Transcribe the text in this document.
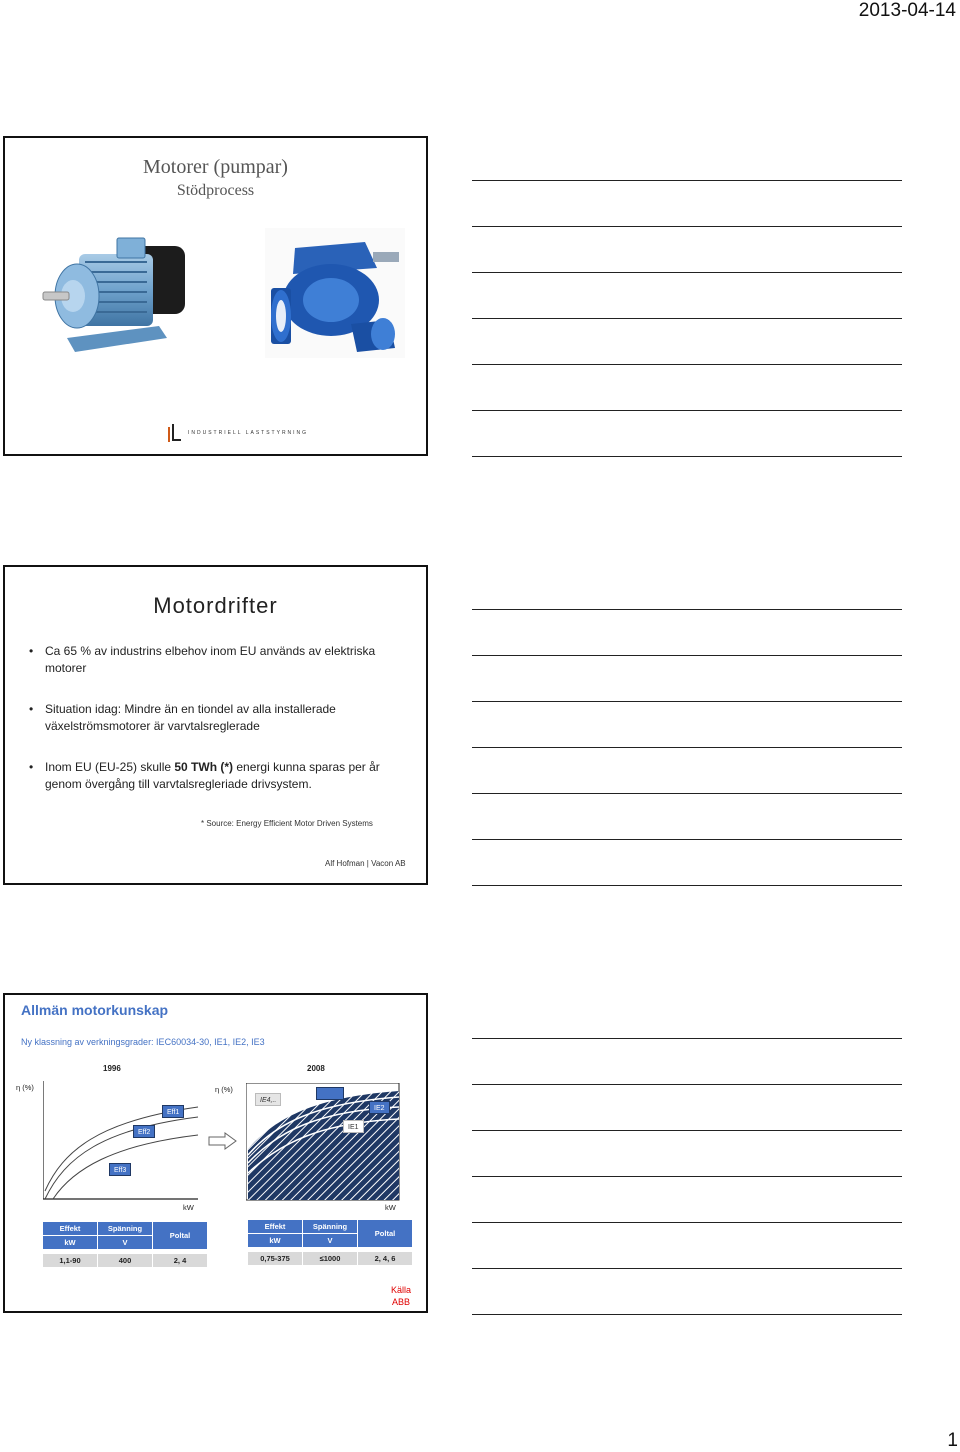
2013-04-14
Motorer (pumpar)
Stödprocess
INDUSTRIELL LASTSTYRNING
Motordrifter
• Ca 65 % av industrins elbehov inom EU används av elektriska motorer
• Situation idag: Mindre än en tiondel av alla installerade växelströmsmotorer är varvtalsreglerade
• Inom EU (EU-25) skulle 50 TWh (*) energi kunna sparas per år genom övergång till varvtalsregleriade drivsystem.
* Source: Energy Efficient Motor Driven Systems
Alf Hofman | Vacon AB
Allmän motorkunskap
Ny klassning av verkningsgrader: IEC60034-30, IE1, IE2, IE3
1996	2008
η (%)
Eff1
Eff2
Eff3
kW
η (%)
IE4,..
IE2
IE1
kW
Effekt	Spänning	Poltal
kW	V	

1,1-90	400	2, 4
Effekt	Spänning	Poltal
kW	V	

0,75-375	≤1000	2, 4, 6
Källa
ABB
1
